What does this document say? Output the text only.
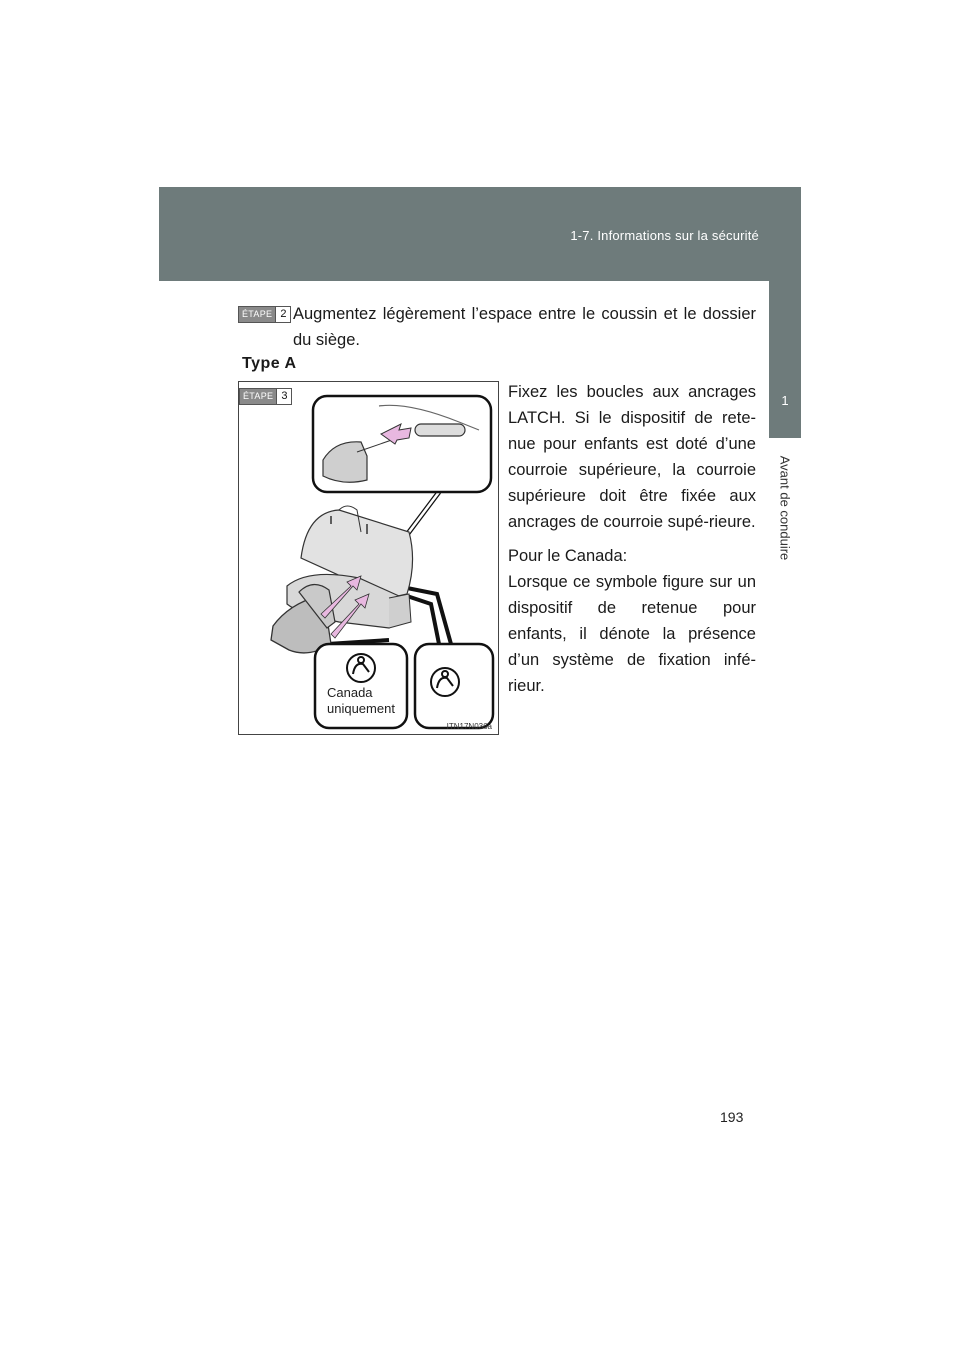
1-7. Informations sur la sécurité
1
Avant de conduire
ÉTAPE 2 Augmentez légèrement l’espace entre le coussin et le dossier du siège.
Type A
ÉTAPE 3
Canada
uniquement
ITN17N036a

Fixez les boucles aux ancrages LATCH. Si le dispositif de rete-nue pour enfants est doté d’une courroie supérieure, la courroie supérieure doit être fixée aux ancrages de courroie supé-rieure.

Pour le Canada:

Lorsque ce symbole figure sur un dispositif de retenue pour enfants, il dénote la présence d’un système de fixation infé-rieur.

193
